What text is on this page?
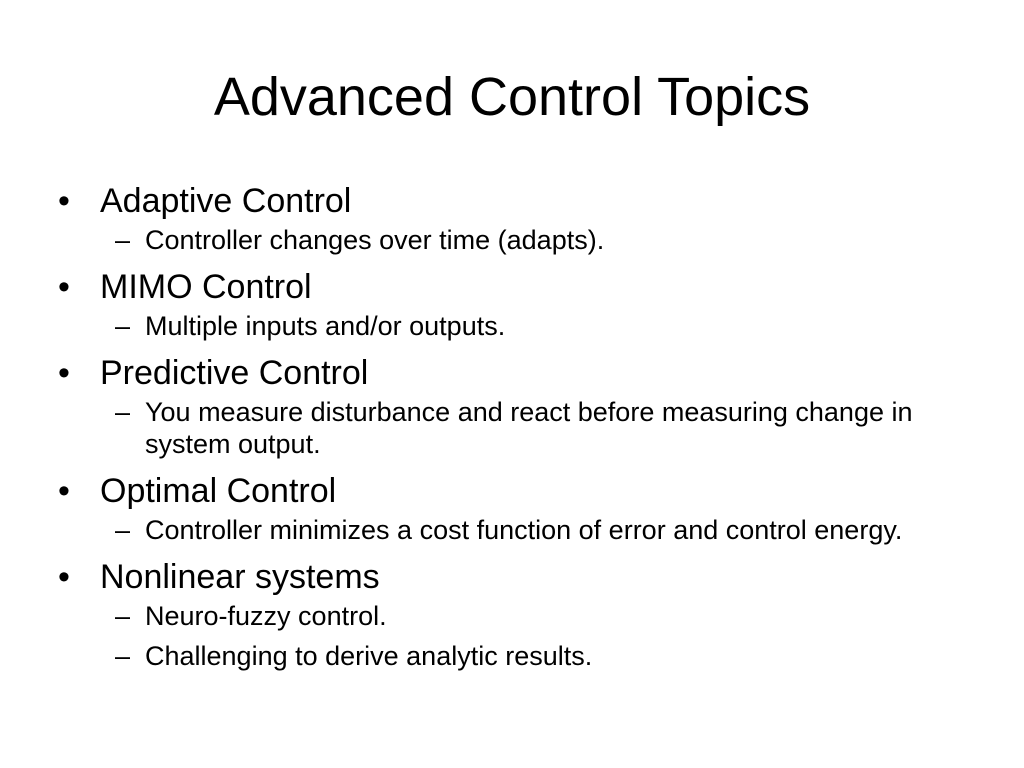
Advanced Control Topics
• Adaptive Control
– Controller changes over time (adapts).
• MIMO Control
– Multiple inputs and/or outputs.
• Predictive Control
– You measure disturbance and react before measuring change in system output.
• Optimal Control
– Controller minimizes a cost function of error and control energy.
• Nonlinear systems
– Neuro-fuzzy control.
– Challenging to derive analytic results.
